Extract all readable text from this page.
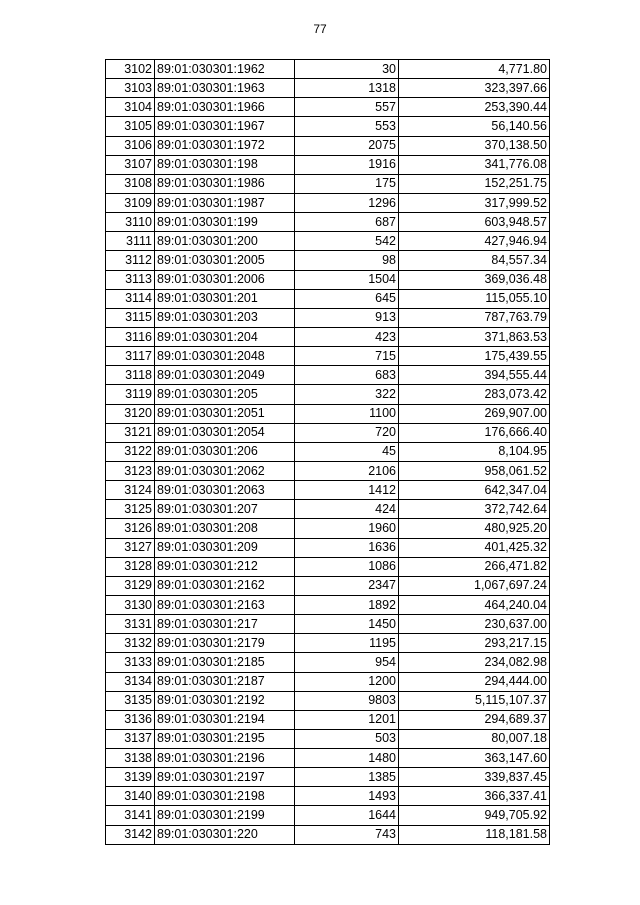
77
3102	89:01:030301:1962	30	4,771.80
3103	89:01:030301:1963	1318	323,397.66
3104	89:01:030301:1966	557	253,390.44
3105	89:01:030301:1967	553	56,140.56
3106	89:01:030301:1972	2075	370,138.50
3107	89:01:030301:198	1916	341,776.08
3108	89:01:030301:1986	175	152,251.75
3109	89:01:030301:1987	1296	317,999.52
3110	89:01:030301:199	687	603,948.57
3111	89:01:030301:200	542	427,946.94
3112	89:01:030301:2005	98	84,557.34
3113	89:01:030301:2006	1504	369,036.48
3114	89:01:030301:201	645	115,055.10
3115	89:01:030301:203	913	787,763.79
3116	89:01:030301:204	423	371,863.53
3117	89:01:030301:2048	715	175,439.55
3118	89:01:030301:2049	683	394,555.44
3119	89:01:030301:205	322	283,073.42
3120	89:01:030301:2051	1100	269,907.00
3121	89:01:030301:2054	720	176,666.40
3122	89:01:030301:206	45	8,104.95
3123	89:01:030301:2062	2106	958,061.52
3124	89:01:030301:2063	1412	642,347.04
3125	89:01:030301:207	424	372,742.64
3126	89:01:030301:208	1960	480,925.20
3127	89:01:030301:209	1636	401,425.32
3128	89:01:030301:212	1086	266,471.82
3129	89:01:030301:2162	2347	1,067,697.24
3130	89:01:030301:2163	1892	464,240.04
3131	89:01:030301:217	1450	230,637.00
3132	89:01:030301:2179	1195	293,217.15
3133	89:01:030301:2185	954	234,082.98
3134	89:01:030301:2187	1200	294,444.00
3135	89:01:030301:2192	9803	5,115,107.37
3136	89:01:030301:2194	1201	294,689.37
3137	89:01:030301:2195	503	80,007.18
3138	89:01:030301:2196	1480	363,147.60
3139	89:01:030301:2197	1385	339,837.45
3140	89:01:030301:2198	1493	366,337.41
3141	89:01:030301:2199	1644	949,705.92
3142	89:01:030301:220	743	118,181.58
